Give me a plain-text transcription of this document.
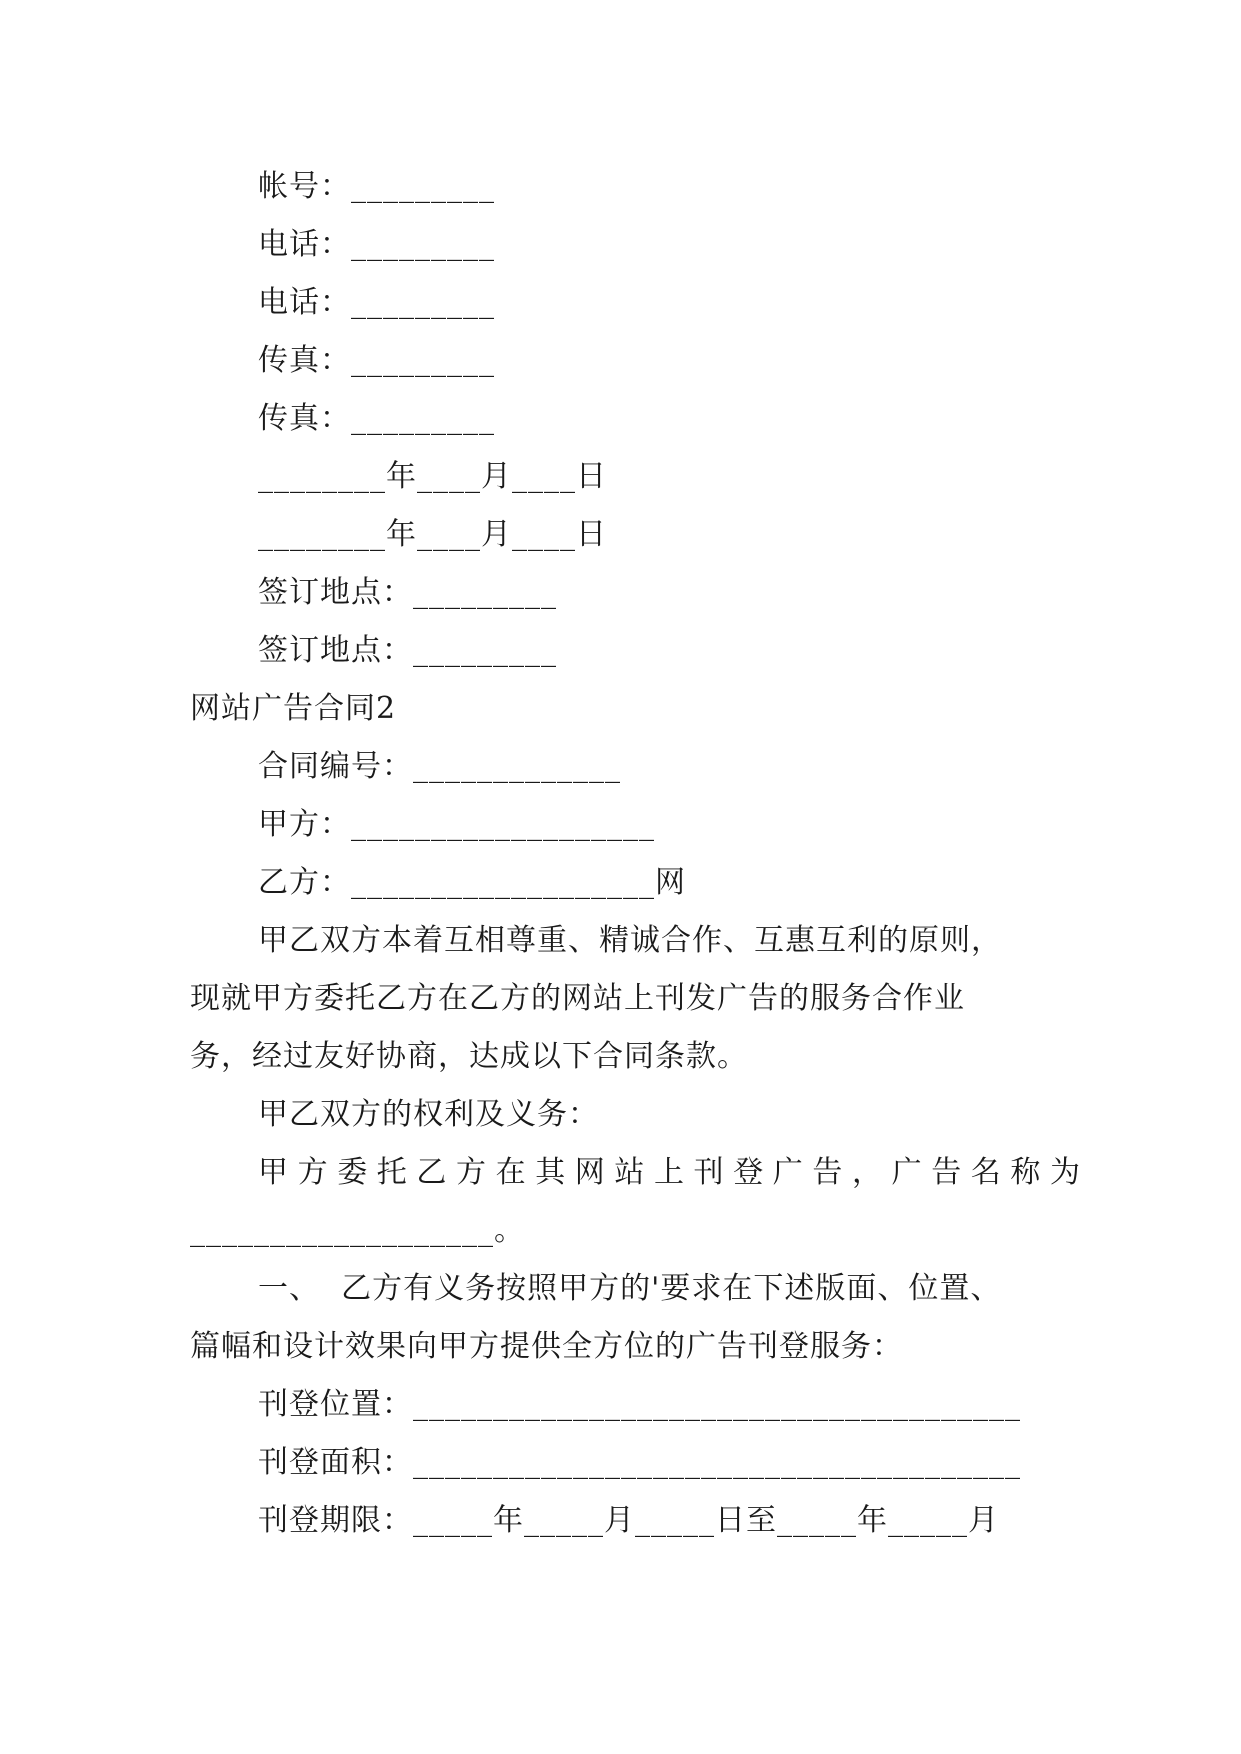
帐号：_________
电话：_________
电话：_________
传真：_________
传真：_________
________年____月____日
________年____月____日
签订地点：_________
签订地点：_________
网站广告合同2
合同编号：_____________
甲方：___________________
乙方：___________________网
甲乙双方本着互相尊重、精诚合作、互惠互利的原则，
现就甲方委托乙方在乙方的网站上刊发广告的服务合作业
务，经过友好协商，达成以下合同条款。
甲乙双方的权利及义务：
甲方委托乙方在其网站上刊登广告，广告名称为
___________________。
一、  乙方有义务按照甲方的'要求在下述版面、位置、
篇幅和设计效果向甲方提供全方位的广告刊登服务：
刊登位置：______________________________________
刊登面积：______________________________________
刊登期限：_____年_____月_____日至_____年_____月
